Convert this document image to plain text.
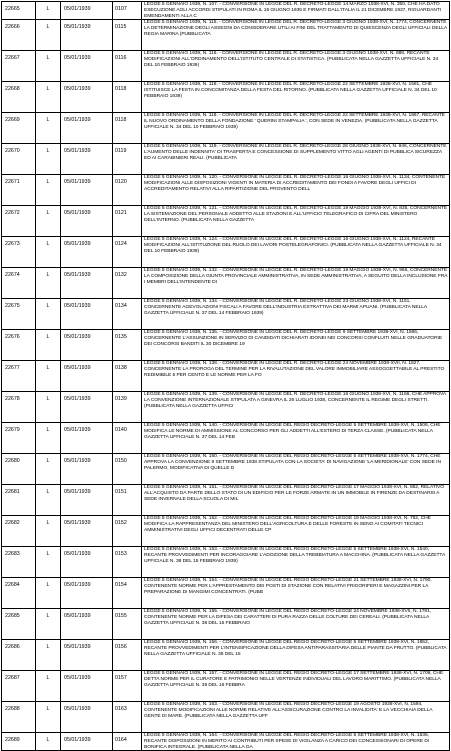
22665	L	05/01/1939	0107	LEGGE 5 GENNAIO 1939, N. 107. - CONVERSIONE IN LEGGE DEL R. DECRETO-LEGGE 14 MARZO 1938-XVI, N. 350, CHE HA DATO ESECUZIONE AGLI ACCORDI STIPULATI IN ROMA IL 15 GIUGNO 1935 E FIRMATI DALL'ITALIA IL 21 DICEMBRE 1937, RIGUARDANTI EMENDAMENTI ALLA C

22666	L	05/01/1939	0115	LEGGE 5 GENNAIO 1939, N. 115. - CONVERSIONE IN LEGGE DEL R. DECRETO-LEGGE 3 GIUGNO 1938-XVI, N. 1774, CONCERNENTE LA DETERMINAZIONE DEGLI ASSEGNI DA CONSIDERARE UTILI AI FINI DEL TRATTAMENTO DI QUIESCENZA DEGLI UFFICIALI DELLA REGIA MARINA (PUBBLICATA

22667	L	05/01/1939	0116	LEGGE 5 GENNAIO 1939, N. 116. - CONVERSIONE IN LEGGE DEL R. DECRETO-LEGGE 3 GIUGNO 1938-XVI, N. 888, RECANTE MODIFICAZIONI ALL'ORDINAMENTO DELL'ISTITUTO CENTRALE DI STATISTICA. (PUBBLICATA NELLA GAZZETTA UFFICIALE N. 34 DEL 10 FEBBRAIO 1939)

22668	L	05/01/1939	0118	LEGGE 5 GENNAIO 1939, N. 118. - CONVERSIONE IN LEGGE DEL R. DECRETO-LEGGE 22 SETTEMBRE 1938-XVI, N. 1581, CHE ISTITUISCE LA FESTA IN CONCOMITANZA DELLA FESTA DEL RITORNO. (PUBBLICATA NELLA GAZZETTA UFFICIALE N. 34 DEL 10 FEBBRAIO 1939)

22669	L	05/01/1939	0118	LEGGE 5 GENNAIO 1939, N. 118. - CONVERSIONE IN LEGGE DEL R. DECRETO-LEGGE 22 SETTEMBRE 1938-XVI, N. 1867, RECANTE IL NUOVO ORDINAMENTO DELLA FONDAZIONE ' QUERINI STAMPALIA ', CON SEDE IN VENEZIA. (PUBBLICATA NELLA GAZZETTA UFFICIALE N. 34 DEL 10 FEBBRAIO 1939)

22670	L	05/01/1939	0119	LEGGE 5 GENNAIO 1939, N. 119. - CONVERSIONE IN LEGGE DEL R. DECRETO-LEGGE 28 GIUGNO 1938-XVI, N. 946, CONCERNENTE L'AUMENTO DELLE INDENNITA' DI TRASFERTA E CONCESSIONE DI SUPPLEMENTO VITTO AGLI AGENTI DI PUBBLICA SICUREZZA ED AI CARABINIERI REALI. (PUBBLICATA

22671	L	05/01/1939	0120	LEGGE 5 GENNAIO 1939, N. 120. - CONVERSIONE IN LEGGE DEL R. DECRETO-LEGGE 16 GIUGNO 1938-XVI, N. 1134, CONTENENTE MODIFICAZIONI ALLE DISPOSIZIONI VIGENTI IN MATERIA DI ACCREDITAMENTO DEI FONDI A FAVORE DEGLI UFFICI DI ACCREDITAMENTO RELATIVI ALLA RIPARTIZIONE DEL PROVENTO DELL

22672	L	05/01/1939	0121	LEGGE 5 GENNAIO 1939, N. 121. - CONVERSIONE IN LEGGE DEL R. DECRETO-LEGGE 19 MAGGIO 1938-XVI, N. 835, CONCERNENTE LA SISTEMAZIONE DEL PERSONALE ADDETTO ALLE STAZIONI E ALL'UFFICIO TELEGRAFICO DI CIFRA DEL MINISTERO DELL'INTERNO. (PUBBLICATA NELLA GAZZETTA

22673	L	05/01/1939	0124	LEGGE 5 GENNAIO 1939, N. 124. - CONVERSIONE IN LEGGE DEL R. DECRETO-LEGGE 16 GIUGNO 1938-XVI, N. 1124, RECANTE MODIFICAZIONI ALL'ISTITUZIONE DEL RUOLO DEI LAVORI POSTELEGRAFONICI. (PUBBLICATA NELLA GAZZETTA UFFICIALE N. 34 DEL 10 FEBBRAIO 1939)

22674	L	05/01/1939	0132	LEGGE 5 GENNAIO 1939, N. 132. - CONVERSIONE IN LEGGE DEL R. DECRETO-LEGGE 19 MAGGIO 1938-XVI, N. 965, CONCERNENTE LA COMPOSIZIONE DELLA GIUNTA PROVINCIALE AMMINISTRATIVA, IN SEDE AMMINISTRATIVA, A SEGUITO DELLA INCLUSIONE FRA I MEMBRI DELL'INTENDENTE DI

22675	L	05/01/1939	0134	LEGGE 5 GENNAIO 1939, N. 134. - CONVERSIONE IN LEGGE DEL R. DECRETO-LEGGE 23 GIUGNO 1938-XVI, N. 1151, CONCERNENTE AGEVOLAZIONI FISCALI A FAVORE DELL'INDUSTRIA ESTRATTIVA DEI MARMI APUANI. (PUBBLICATA NELLA GAZZETTA UFFICIALE N. 37 DEL 14 FEBBRAIO 1939)

22676	L	05/01/1939	0135	LEGGE 5 GENNAIO 1939, N. 135. - CONVERSIONE IN LEGGE DEL R. DECRETO-LEGGE 9 SETTEMBRE 1938-XVI, N. 1596, CONCERNENTE L'ASSUNZIONE IN SERVIZIO DI CANDIDATI DICHIARATI IDONEI NEI CONCORSI CONFLUITI NELLE GRADUATORIE DEI CONCORSI BANDITI IL 30 DICEMBRE 19

22677	L	05/01/1939	0138	LEGGE 5 GENNAIO 1939, N. 138. - CONVERSIONE IN LEGGE DEL R. DECRETO-LEGGE 24 NOVEMBRE 1938-XVII, N. 1827, CONCERNENTE LA PROROGA DEL TERMINE PER LA RIVALUTAZIONE DEL VALORE IMMOBILIARE ASSOGGETTABILE AL PRESTITO REDIMIBILE 5 PER CENTO E LE NORME PER LA FO

22678	L	05/01/1939	0139	LEGGE 5 GENNAIO 1939, N. 139. - CONVERSIONE IN LEGGE DEL R. DECRETO-LEGGE 16 GIUGNO 1938-XVI, N. 1166, CHE APPROVA LA CONVENZIONE INTERNAZIONALE STIPULATA A GINEVRA IL 26 LUGLIO 1938, CONCERNENTE IL REGIME DEGLI STRETTI. (PUBBLICATA NELLA GAZZETTA UFFICI

22679	L	05/01/1939	0140	LEGGE 5 GENNAIO 1939, N. 140. - CONVERSIONE IN LEGGE DEL REGIO DECRETO-LEGGE 5 SETTEMBRE 1938-XVI, N. 1506, CHE MODIFICA LE NORME DI AMMISSIONE AL CONCORSO PER GLI ADDETTI ALL'ESTERO DI TERZA CLASSE. (PUBBLICATA NELLA GAZZETTA UFFICIALE N. 37 DEL 14 FEB

22680	L	05/01/1939	0150	LEGGE 5 GENNAIO 1939, N. 150. - CONVERSIONE IN LEGGE DEL REGIO DECRETO-LEGGE 5 SETTEMBRE 1938-XVI, N. 1774, CHE APPROVA LA CONVENZIONE 9 SETTEMBRE 1938 STIPULATA CON LA SOCIETA' DI NAVIGAZIONE 'LA MERIDIONALE' CON SEDE IN PALERMO, MODIFICATIVA DI QUELLE D

22681	L	05/01/1939	0151	LEGGE 5 GENNAIO 1939, N. 151. - CONVERSIONE IN LEGGE DEL REGIO DECRETO-LEGGE 17 MAGGIO 1938-XVI, N. 852, RELATIVO ALL'ACQUISTO DA PARTE DELLO STATO DI UN EDIFICIO PER LE FORZE ARMATE IN UN IMMOBILE IN FIRENZE DA DESTINARSI A SEDE INVERNALE DELLA SCUOLA DI MIL

22682	L	05/01/1939	0152	LEGGE 5 GENNAIO 1939, N. 152. - CONVERSIONE IN LEGGE DEL REGIO DECRETO-LEGGE 19 MAGGIO 1938-XVI, N. 762, CHE MODIFICA LA RAPPRESENTANZA DEL MINISTERO DELL'AGRICOLTURA E DELLE FORESTE IN SENO AI COMITATI TECNICI AMMINISTRATIVI DEGLI UFFICI DECENTRATI DELLE CP

22683	L	05/01/1939	0153	LEGGE 5 GENNAIO 1939, N. 153. - CONVERSIONE IN LEGGE DEL REGIO DECRETO-LEGGE 5 SETTEMBRE 1938-XVI, N. 1540, RECANTE PROVVEDIMENTI PER INCORAGGIARE L'ADOZIONE DELLA TREBBIATURA A MACCHINA. (PUBBLICATA NELLA GAZZETTA UFFICIALE N. 38 DEL 15 FEBBRAIO 1939)

22684	L	05/01/1939	0154	LEGGE 5 GENNAIO 1939, N. 154. - CONVERSIONE IN LEGGE DEL REGIO DECRETO-LEGGE 21 SETTEMBRE 1938-XVI, N. 1790, CONTENENTE NORME PER L'APPRESTAMENTO DEI POSTI DI STAZIONE CON RELATIVI FRIGORIFERI E MAGAZZINI PER LA PREPARAZIONE DI MANGIMI CONCENTRATI. (PUBB

22685	L	05/01/1939	0155	LEGGE 5 GENNAIO 1939, N. 155. - CONVERSIONE IN LEGGE DEL REGIO DECRETO-LEGGE 24 NOVEMBRE 1938-XVII, N. 1781, CONTENENTE NORME PER LA DIFESA DEI CARATTERI DI PURA RAZZA DELLE COLTURE DEI CEREALI. (PUBBLICATA NELLA GAZZETTA UFFICIALE N. 38 DEL 15 FEBBRAIO

22686	L	05/01/1939	0156	LEGGE 5 GENNAIO 1939, N. 156. - CONVERSIONE IN LEGGE DEL REGIO DECRETO-LEGGE 5 SETTEMBRE 1938-XVI, N. 1852, RECANTE PROVVEDIMENTI PER L'INTENSIFICAZIONE DELLA DIFESA ANTIPARASSITARIA DELLE PIANTE DA FRUTTO. (PUBBLICATA NELLA GAZZETTA UFFICIALE N. 38 DEL 15

22687	L	05/01/1939	0157	LEGGE 5 GENNAIO 1939, N. 157. - CONVERSIONE IN LEGGE DEL REGIO DECRETO-LEGGE 17 SETTEMBRE 1938-XVI, N. 1709, CHE DETTA NORME PER IL CURATORE E PATRIMONIO NELLE VERTENZE INDIVIDUALI DEL LAVORO MARITTIMO. (PUBBLICATA NELLA GAZZETTA UFFICIALE N. 39 DEL 16 FEBBRA

22688	L	05/01/1939	0163	LEGGE 5 GENNAIO 1939, N. 163. - CONVERSIONE IN LEGGE DEL REGIO DECRETO-LEGGE 19 AGOSTO 1938-XVI, N. 1594, CONTENENTE MODIFICAZIONI ALLE NORME RELATIVE ALL'ASSICURAZIONE CONTRO LA INVALIDITA' E LA VECCHIAIA DELLA GENTE DI MARE. (PUBBLICATA NELLA GAZZETTA UFF

22689	L	05/01/1939	0164	LEGGE 5 GENNAIO 1939, N. 164. - CONVERSIONE IN LEGGE DEL REGIO DECRETO-LEGGE 5 SETTEMBRE 1938-XVI, N. 1536, RECANTE DISPOSIZIONI IN MERITO AI CONTRIBUTI PER SPESE DI VIGILANZA A CARICO DEI CONCESSIONARI DI OPERE DI BONIFICA INTEGRALE. (PUBBLICATA NELLA GA
